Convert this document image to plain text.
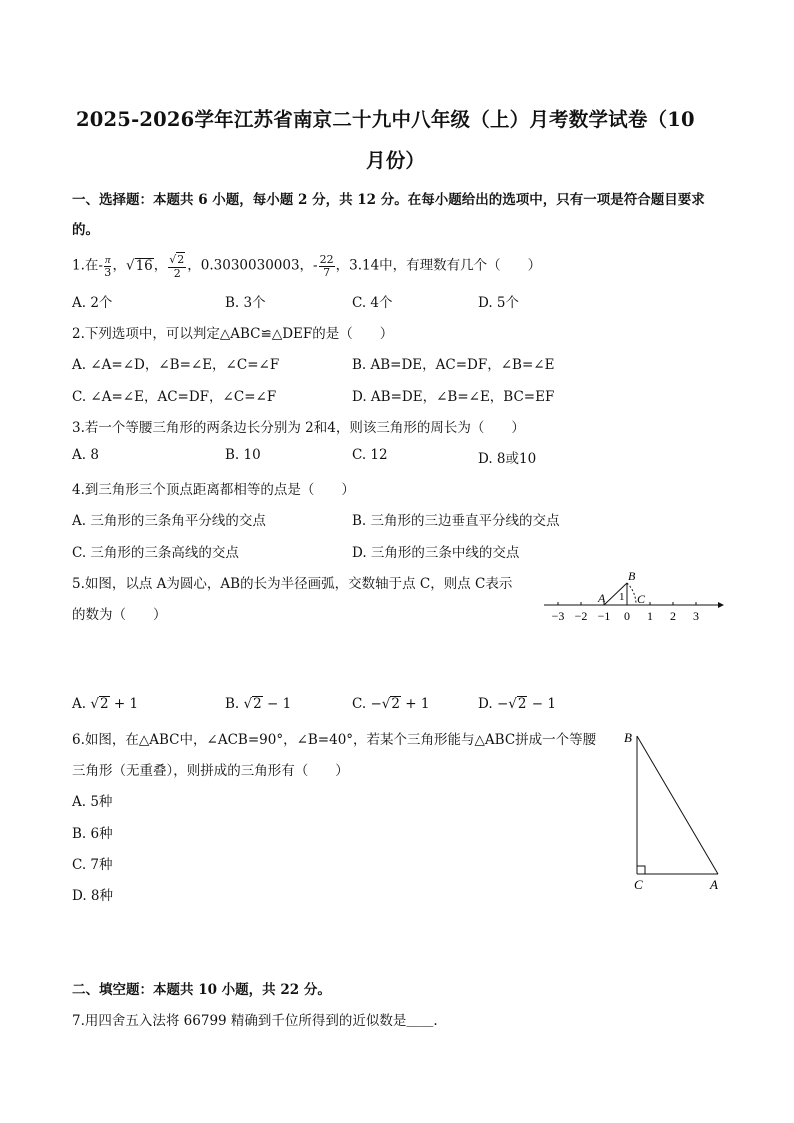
2025-2026学年江苏省南京二十九中八年级（上）月考数学试卷（10
月份）
一、选择题：本题共 6 小题，每小题 2 分，共 12 分。在每小题给出的选项中，只有一项是符合题目要求
的。
1.在- $\frac{\pi}{3}$ ，√16， $\frac{√2}{2}$ ，0.3030030003，- $\frac{22}{7}$ ，3.14中，有理数有几个（　　）
A. 2个	B. 3个	C. 4个	D. 5个
2.下列选项中，可以判定△ABC≌△DEF的是（　　）
A. ∠A=∠D，∠B=∠E，∠C=∠F	B. AB=DE，AC=DF，∠B=∠E
C. ∠A=∠E，AC=DF，∠C=∠F	D. AB=DE，∠B=∠E，BC=EF
3.若一个等腰三角形的两条边长分别为 2和4，则该三角形的周长为（　　）
A. 8	B. 10	C. 12	D. 8或10
4.到三角形三个顶点距离都相等的点是（　　）
A. 三角形的三条角平分线的交点	B. 三角形的三边垂直平分线的交点
C. 三角形的三条高线的交点	D. 三角形的三条中线的交点
5.如图，以点 A为圆心，AB的长为半径画弧，交数轴于点 C，则点 C表示
的数为（　　）
B
A	C
1
−3 −2 −1 0 1 2 3
A. √2 + 1	B. √2 − 1	C. −√2 + 1	D. −√2 − 1
6.如图，在△ABC中，∠ACB=90°，∠B=40°，若某个三角形能与△ABC拼成一个等腰
三角形（无重叠），则拼成的三角形有（　　）
A. 5种
B. 6种
C. 7种
D. 8种
B
C	A
二、填空题：本题共 10 小题，共 22 分。
7.用四舍五入法将 66799 精确到千位所得到的近似数是＿＿.
